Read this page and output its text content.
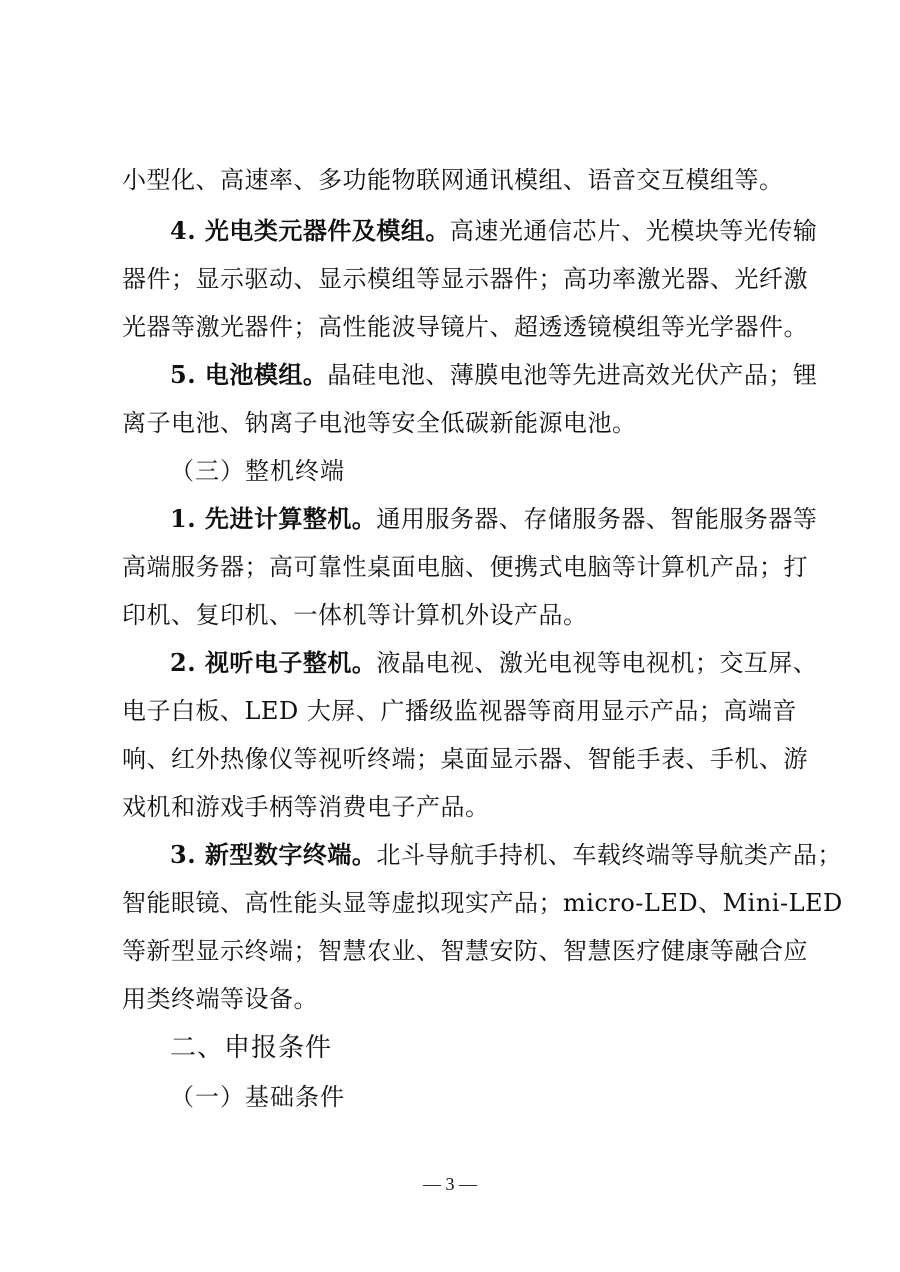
小型化、高速率、多功能物联网通讯模组、语音交互模组等。
4. 光电类元器件及模组。高速光通信芯片、光模块等光传输
器件；显示驱动、显示模组等显示器件；高功率激光器、光纤激
光器等激光器件；高性能波导镜片、超透透镜模组等光学器件。
5. 电池模组。晶硅电池、薄膜电池等先进高效光伏产品；锂
离子电池、钠离子电池等安全低碳新能源电池。
（三）整机终端
1. 先进计算整机。通用服务器、存储服务器、智能服务器等
高端服务器；高可靠性桌面电脑、便携式电脑等计算机产品；打
印机、复印机、一体机等计算机外设产品。
2. 视听电子整机。液晶电视、激光电视等电视机；交互屏、
电子白板、LED 大屏、广播级监视器等商用显示产品；高端音
响、红外热像仪等视听终端；桌面显示器、智能手表、手机、游
戏机和游戏手柄等消费电子产品。
3. 新型数字终端。北斗导航手持机、车载终端等导航类产品；
智能眼镜、高性能头显等虚拟现实产品；micro-LED、Mini-LED
等新型显示终端；智慧农业、智慧安防、智慧医疗健康等融合应
用类终端等设备。
二、申报条件
（一）基础条件
— 3 —
